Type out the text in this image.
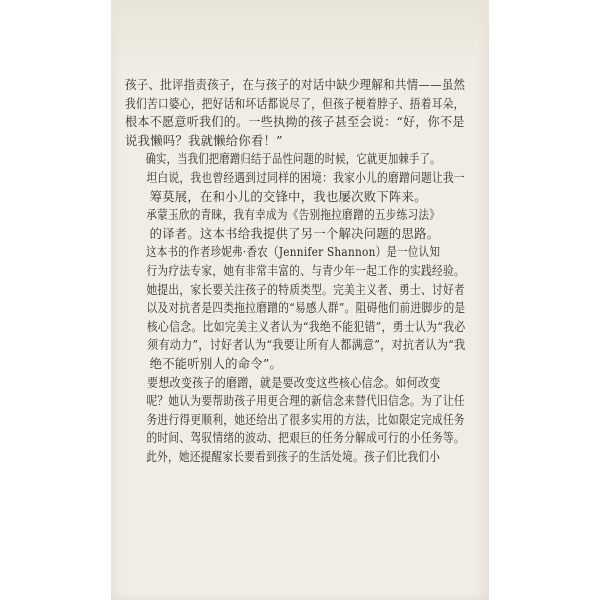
孩子、批评指责孩子，在与孩子的对话中缺少理解和共情——虽然
我们苦口婆心，把好话和坏话都说尽了，但孩子梗着脖子、捂着耳朵，
根本不愿意听我们的。一些执拗的孩子甚至会说：“好，你不是
说我懒吗？我就懒给你看！”

确实，当我们把磨蹭归结于品性问题的时候，它就更加棘手了。
坦白说，我也曾经遇到过同样的困境：我家小儿的磨蹭问题让我一
筹莫展，在和小儿的交锋中，我也屡次败下阵来。

承蒙玉欣的青睐，我有幸成为《告别拖拉磨蹭的五步练习法》
的译者。这本书给我提供了另一个解决问题的思路。

这本书的作者珍妮弗·香农（Jennifer Shannon）是一位认知
行为疗法专家，她有非常丰富的、与青少年一起工作的实践经验。
她提出，家长要关注孩子的特质类型。完美主义者、勇士、讨好者
以及对抗者是四类拖拉磨蹭的“易感人群”。阻碍他们前进脚步的是
核心信念。比如完美主义者认为“我绝不能犯错”，勇士认为“我必
须有动力”，讨好者认为“我要让所有人都满意”，对抗者认为“我
绝不能听别人的命令”。

要想改变孩子的磨蹭，就是要改变这些核心信念。如何改变
呢？她认为要帮助孩子用更合理的新信念来替代旧信念。为了让任
务进行得更顺利，她还给出了很多实用的方法，比如限定完成任务
的时间、驾驭情绪的波动、把艰巨的任务分解成可行的小任务等。

此外，她还提醒家长要看到孩子的生活处境。孩子们比我们小
